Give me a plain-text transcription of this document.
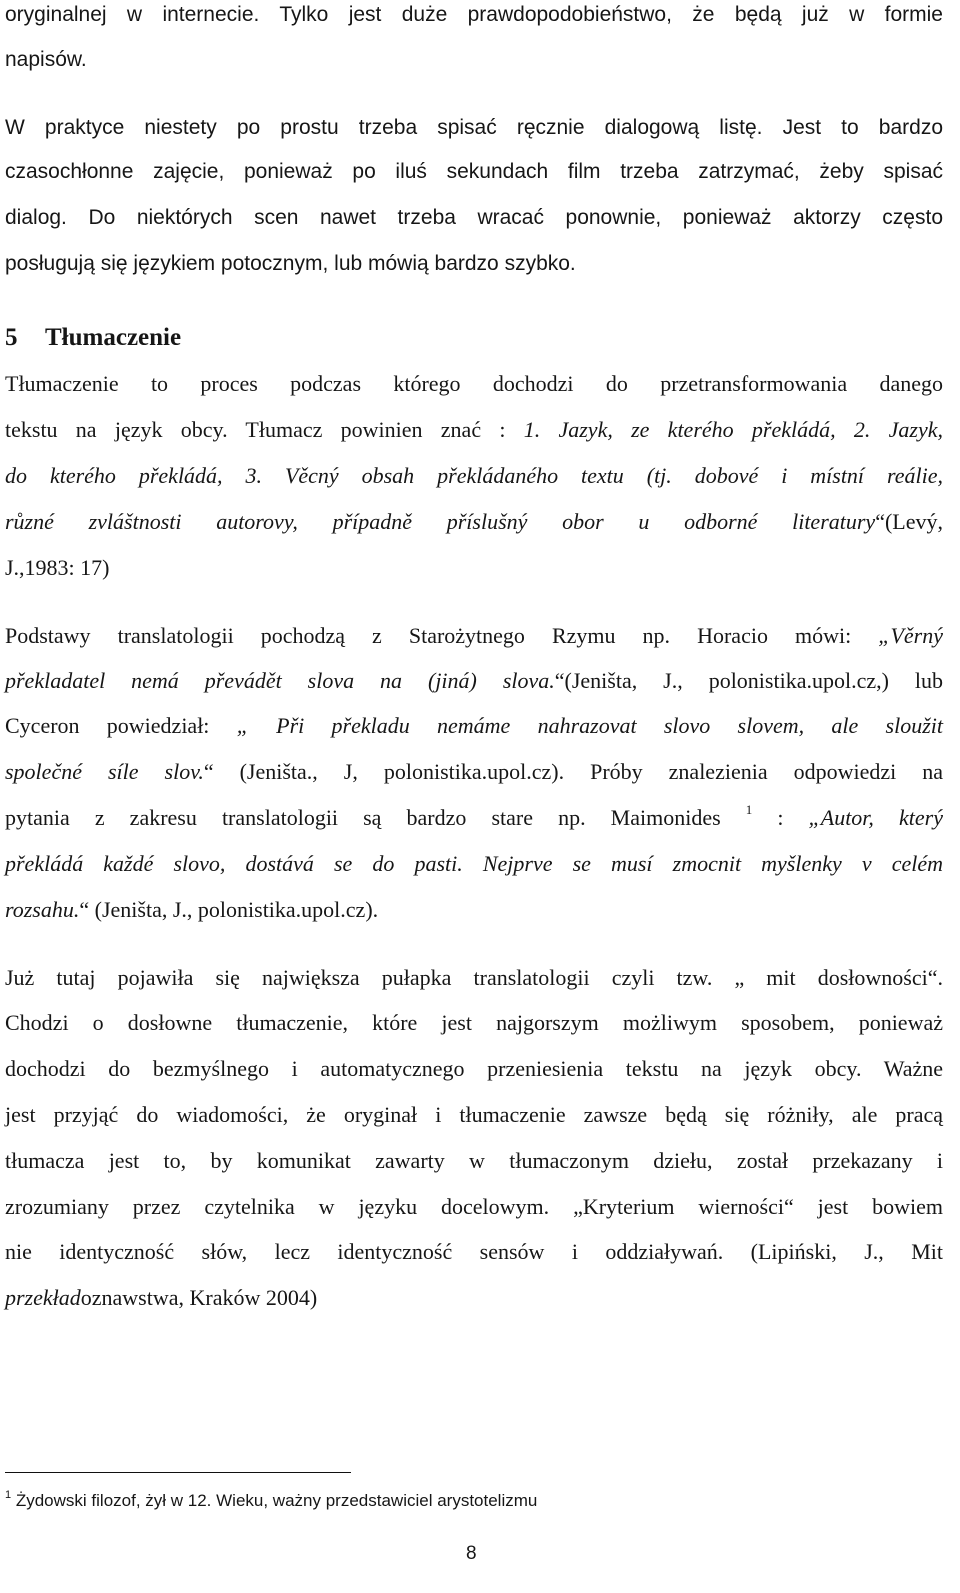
oryginalnej w internecie. Tylko jest duże prawdopodobieństwo, że będą już w formie
napisów.
W praktyce niestety po prostu trzeba spisać ręcznie dialogową listę. Jest to bardzo
czasochłonne zajęcie, ponieważ po iluś sekundach film trzeba zatrzymać, żeby spisać
dialog. Do niektórych scen nawet trzeba wracać ponownie, ponieważ aktorzy często
posługują się językiem potocznym, lub mówią bardzo szybko.
5 Tłumaczenie
Tłumaczenie to proces podczas którego dochodzi do przetransformowania danego
tekstu na język obcy. Tłumacz powinien znać : 1. Jazyk, ze kterého překládá, 2. Jazyk,
do kterého překládá, 3. Věcný obsah překládaného textu (tj. dobové i místní reálie,
různé zvláštnosti autorovy, případně příslušný obor u odborné literatury“(Levý,
J.,1983: 17)
Podstawy translatologii pochodzą z Starożytnego Rzymu np. Horacio mówi: „Věrný
překladatel nemá převádět slova na (jiná) slova.“(Jeništa, J., polonistika.upol.cz,) lub
Cyceron powiedział: „ Při překladu nemáme nahrazovat slovo slovem, ale sloužit
společné síle slov.“ (Jeništa., J, polonistika.upol.cz). Próby znalezienia odpowiedzi na
pytania z zakresu translatologii są bardzo stare np. Maimonides $^1$ : „Autor, který
překládá každé slovo, dostává se do pasti. Nejprve se musí zmocnit myšlenky v celém
rozsahu.“ (Jeništa, J., polonistika.upol.cz).
Już tutaj pojawiła się największa pułapka translatologii czyli tzw. „ mit dosłowności“.
Chodzi o dosłowne tłumaczenie, które jest najgorszym możliwym sposobem, ponieważ
dochodzi do bezmyślnego i automatycznego przeniesienia tekstu na język obcy. Ważne
jest przyjąć do wiadomości, że oryginał i tłumaczenie zawsze będą się różniły, ale pracą
tłumacza jest to, by komunikat zawarty w tłumaczonym dziełu, został przekazany i
zrozumiany przez czytelnika w języku docelowym. „Kryterium wierności“ jest bowiem
nie identyczność słów, lecz identyczność sensów i oddziaływań. (Lipiński, J., Mit
przekładoznawstwa, Kraków 2004)
$^1$ Żydowski filozof, żył w 12. Wieku, ważny przedstawiciel arystotelizmu
8
